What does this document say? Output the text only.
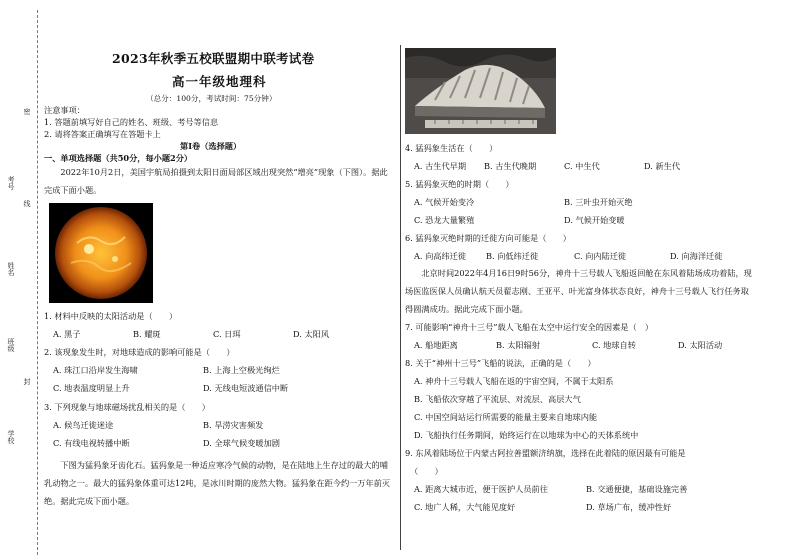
考号
姓名
班级
学校
密
封
线
2023年秋季五校联盟期中联考试卷
高一年级地理科
（总分：100分，考试时间：75分钟）
注意事项：
1. 答题前填写好自己的姓名、班级、考号等信息
2. 请将答案正确填写在答题卡上
第Ⅰ卷（选择题）
一、单项选择题（共50分，每小题2分）
2022年10月2日，美国宇航局拍摄到太阳日面局部区域出现突然“增亮”现象（下图）。据此完成下面小题。
1. 材料中反映的太阳活动是（　　）
A. 黑子	B. 耀斑	C. 日珥	D. 太阳风
2. 该现象发生时，对地球造成的影响可能是（　　）
A. 珠江口沿岸发生海啸	B. 上海上空极光绚烂
C. 地表温度明显上升	D. 无线电短波通信中断
3. 下列现象与地球磁场扰乱相关的是（　　）
A. 候鸟迁徙迷途	B. 旱涝灾害频发
C. 有线电视转播中断	D. 全球气候变暖加剧
下图为猛犸象牙齿化石。猛犸象是一种适应寒冷气候的动物，是在陆地上生存过的最大的哺乳动物之一。最大的猛犸象体重可达12吨，是冰川时期的庞然大物。猛犸象在距今约一万年前灭绝。据此完成下面小题。
4. 猛犸象生活在（　　）
A. 古生代早期	B. 古生代晚期	C. 中生代	D. 新生代
5. 猛犸象灭绝的时期（　　）
A. 气候开始变冷	B. 三叶虫开始灭绝
C. 恐龙大量繁殖	D. 气候开始变暖
6. 猛犸象灭绝时期的迁徙方向可能是（　　）
A. 向高纬迁徙	B. 向低纬迁徙	C. 向内陆迁徙	D. 向海洋迁徙
北京时间2022年4月16日9时56分，神舟十三号载人飞船返回舱在东风着陆场成功着陆，现场医监医保人员确认航天员翟志刚、王亚平、叶光富身体状态良好，神舟十三号载人飞行任务取得圆满成功。据此完成下面小题。
7. 可能影响“神舟十三号”载人飞船在太空中运行安全的因素是（　）
A. 船地距离	B. 太阳辐射	C. 地球自转	D. 太阳活动
8. 关于“神州十三号”飞船的说法，正确的是（　　）
A. 神舟十三号载人飞船在返的宇宙空间，不属于太阳系
B. 飞船依次穿越了平流层、对流层、高层大气
C. 中国空间站运行所需要的能量主要来自地球内能
D. 飞船执行任务期间，始终运行在以地球为中心的天体系统中
9. 东风着陆场位于内蒙古阿拉善盟额济纳旗，选择在此着陆的原因最有可能是
（　　）
A. 距离大城市近，便于医护人员前往	B. 交通便捷，基础设施完善
C. 地广人稀，大气能见度好	D. 草场广布，缓冲性好
